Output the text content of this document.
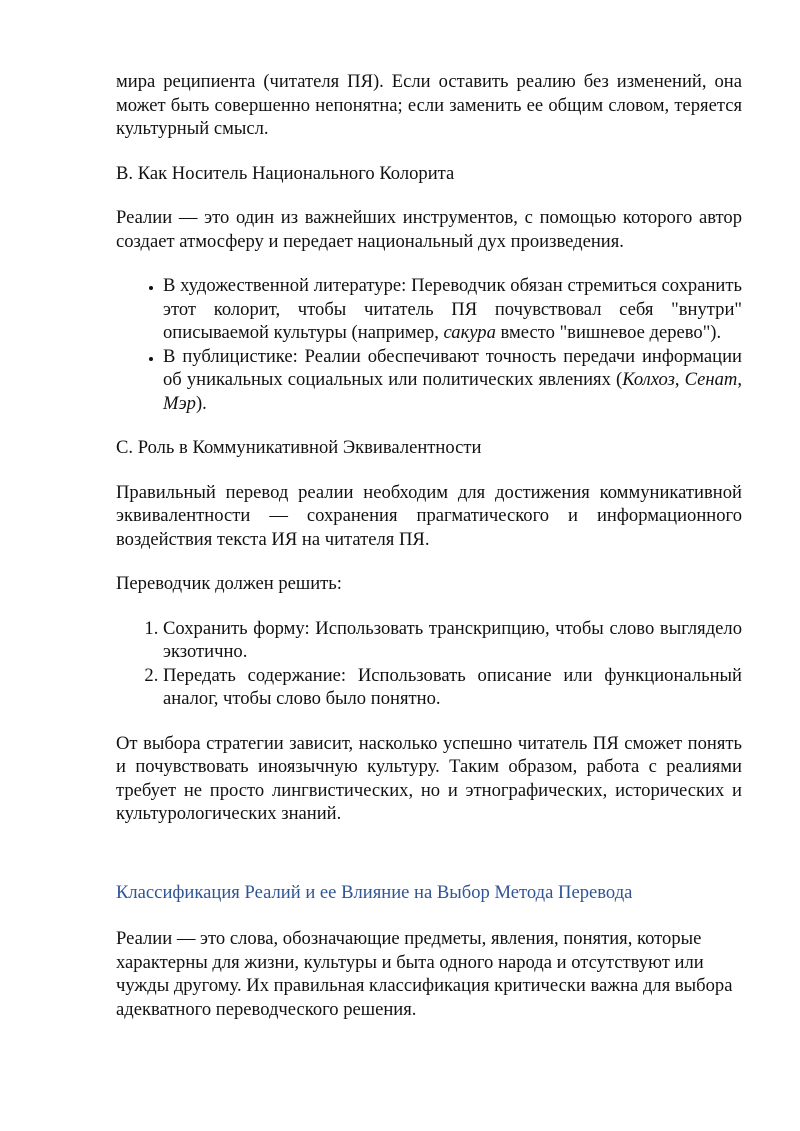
мира реципиента (читателя ПЯ). Если оставить реалию без изменений, она может быть совершенно непонятна; если заменить ее общим словом, теряется культурный смысл.

B. Как Носитель Национального Колорита

Реалии — это один из важнейших инструментов, с помощью которого автор создает атмосферу и передает национальный дух произведения.

• В художественной литературе: Переводчик обязан стремиться сохранить этот колорит, чтобы читатель ПЯ почувствовал себя "внутри" описываемой культуры (например, сакура вместо "вишневое дерево").
• В публицистике: Реалии обеспечивают точность передачи информации об уникальных социальных или политических явлениях (Колхоз, Сенат, Мэр).

C. Роль в Коммуникативной Эквивалентности

Правильный перевод реалии необходим для достижения коммуникативной эквивалентности — сохранения прагматического и информационного воздействия текста ИЯ на читателя ПЯ.

Переводчик должен решить:

1. Сохранить форму: Использовать транскрипцию, чтобы слово выглядело экзотично.
2. Передать содержание: Использовать описание или функциональный аналог, чтобы слово было понятно.

От выбора стратегии зависит, насколько успешно читатель ПЯ сможет понять и почувствовать иноязычную культуру. Таким образом, работа с реалиями требует не просто лингвистических, но и этнографических, исторических и культурологических знаний.

Классификация Реалий и ее Влияние на Выбор Метода Перевода

Реалии — это слова, обозначающие предметы, явления, понятия, которые характерны для жизни, культуры и быта одного народа и отсутствуют или чужды другому. Их правильная классификация критически важна для выбора адекватного переводческого решения.
